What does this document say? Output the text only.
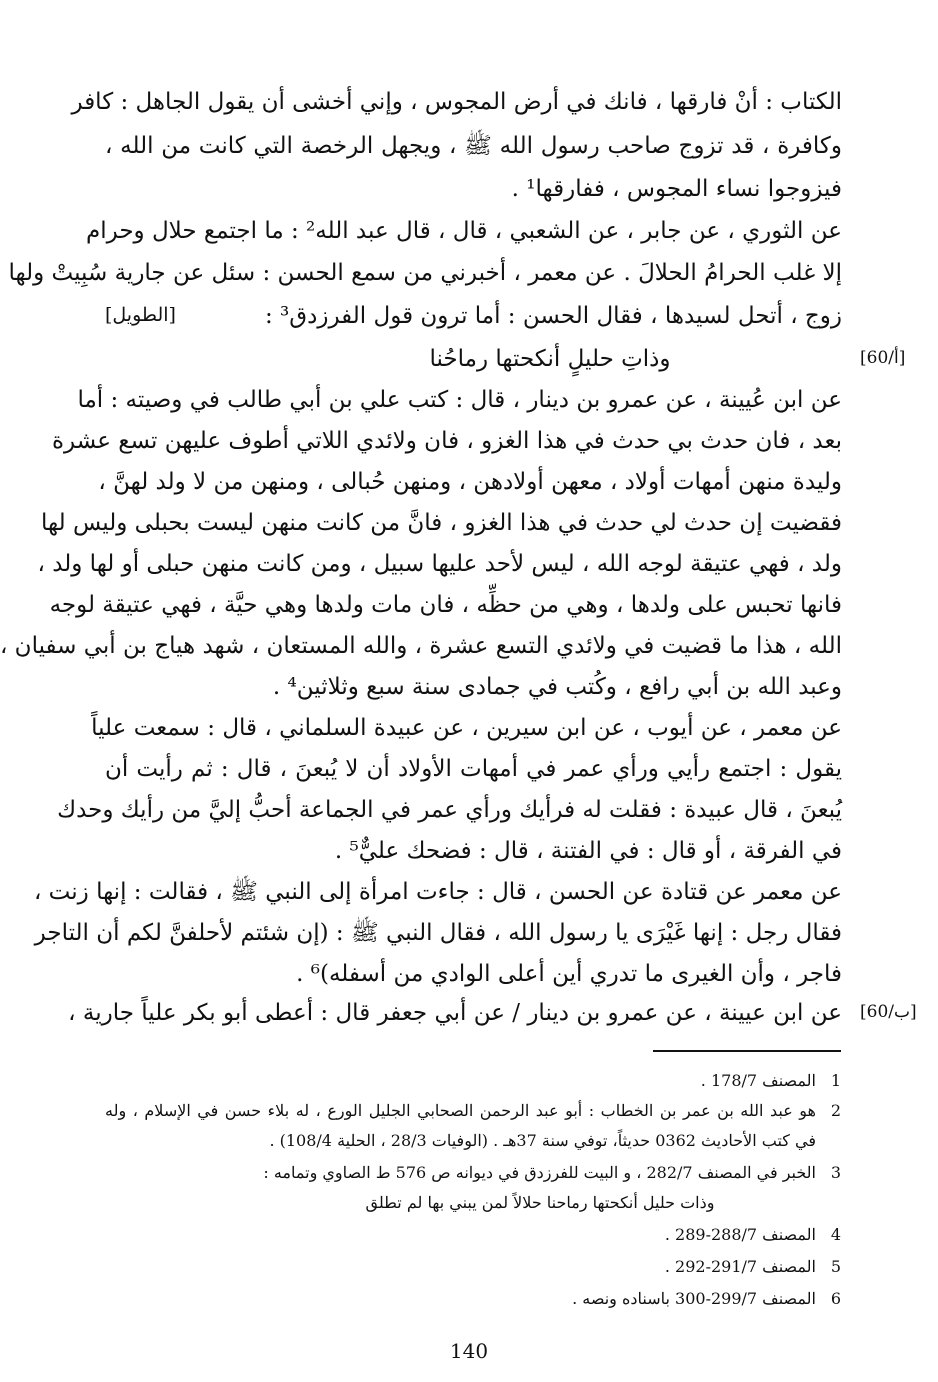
الكتاب : أنْ فارقها ، فانك في أرض المجوس ، وإني أخشى أن يقول الجاهل : كافر
وكافرة ، قد تزوج صاحب رسول الله ﷺ ، ويجهل الرخصة التي كانت من الله ،
فيزوجوا نساء المجوس ، ففارقها¹ .
عن الثوري ، عن جابر ، عن الشعبي ، قال ، قال عبد الله² : ما اجتمع حلال وحرام
إلا غلب الحرامُ الحلالَ . عن معمر ، أخبرني من سمع الحسن : سئل عن جارية سُبِيتْ ولها
زوج ، أتحل لسيدها ، فقال الحسن : أما ترون قول الفرزدق³ :
[الطويل]
[60/أ]
وذاتِ حليلٍ أنكحتها رماحُنا
عن ابن عُيينة ، عن عمرو بن دينار ، قال : كتب علي بن أبي طالب في وصيته : أما
بعد ، فان حدث بي حدث في هذا الغزو ، فان ولائدي اللاتي أطوف عليهن تسع عشرة
وليدة منهن أمهات أولاد ، معهن أولادهن ، ومنهن حُبالى ، ومنهن من لا ولد لهنَّ ،
فقضيت إن حدث لي حدث في هذا الغزو ، فانَّ من كانت منهن ليست بحبلى وليس لها
ولد ، فهي عتيقة لوجه الله ، ليس لأحد عليها سبيل ، ومن كانت منهن حبلى أو لها ولد ،
فانها تحبس على ولدها ، وهي من حظِّه ، فان مات ولدها وهي حيَّة ، فهي عتيقة لوجه
الله ، هذا ما قضيت في ولائدي التسع عشرة ، والله المستعان ، شهد هياج بن أبي سفيان ،
وعبد الله بن أبي رافع ، وكُتب في جمادى سنة سبع وثلاثين⁴ .
عن معمر ، عن أيوب ، عن ابن سيرين ، عن عبيدة السلماني ، قال : سمعت علياً
يقول : اجتمع رأيي ورأي عمر في أمهات الأولاد أن لا يُبعنَ ، قال : ثم رأيت أن
يُبعنَ ، قال عبيدة : فقلت له فرأيك ورأي عمر في الجماعة أحبُّ إليَّ من رأيك وحدك
في الفرقة ، أو قال : في الفتنة ، قال : فضحك عليٌّ⁵ .
عن معمر عن قتادة عن الحسن ، قال : جاءت امرأة إلى النبي ﷺ ، فقالت : إنها زنت ،
فقال رجل : إنها غَيْرَى يا رسول الله ، فقال النبي ﷺ : (إن شئتم لأحلفنَّ لكم أن التاجر
فاجر ، وأن الغيرى ما تدري أين أعلى الوادي من أسفله)⁶ .
[60/ب]
عن ابن عيينة ، عن عمرو بن دينار / عن أبي جعفر قال : أعطى أبو بكر علياً جارية ،
1
المصنف 178/7 .
2
هو عبد الله بن عمر بن الخطاب : أبو عبد الرحمن الصحابي الجليل الورع ، له بلاء حسن في الإسلام ، وله
في كتب الأحاديث 0362 حديثاً، توفي سنة 37هـ . (الوفيات 28/3 ، الحلية 108/4) .
3
الخبر في المصنف 282/7 ، و البيت للفرزدق في ديوانه ص 576 ط الصاوي وتمامه :
وذات حليل أنكحتها رماحنا حلالاً لمن يبني بها لم تطلق
4
المصنف 288/7-289 .
5
المصنف 291/7-292 .
6
المصنف 299/7-300 باسناده ونصه .
140
